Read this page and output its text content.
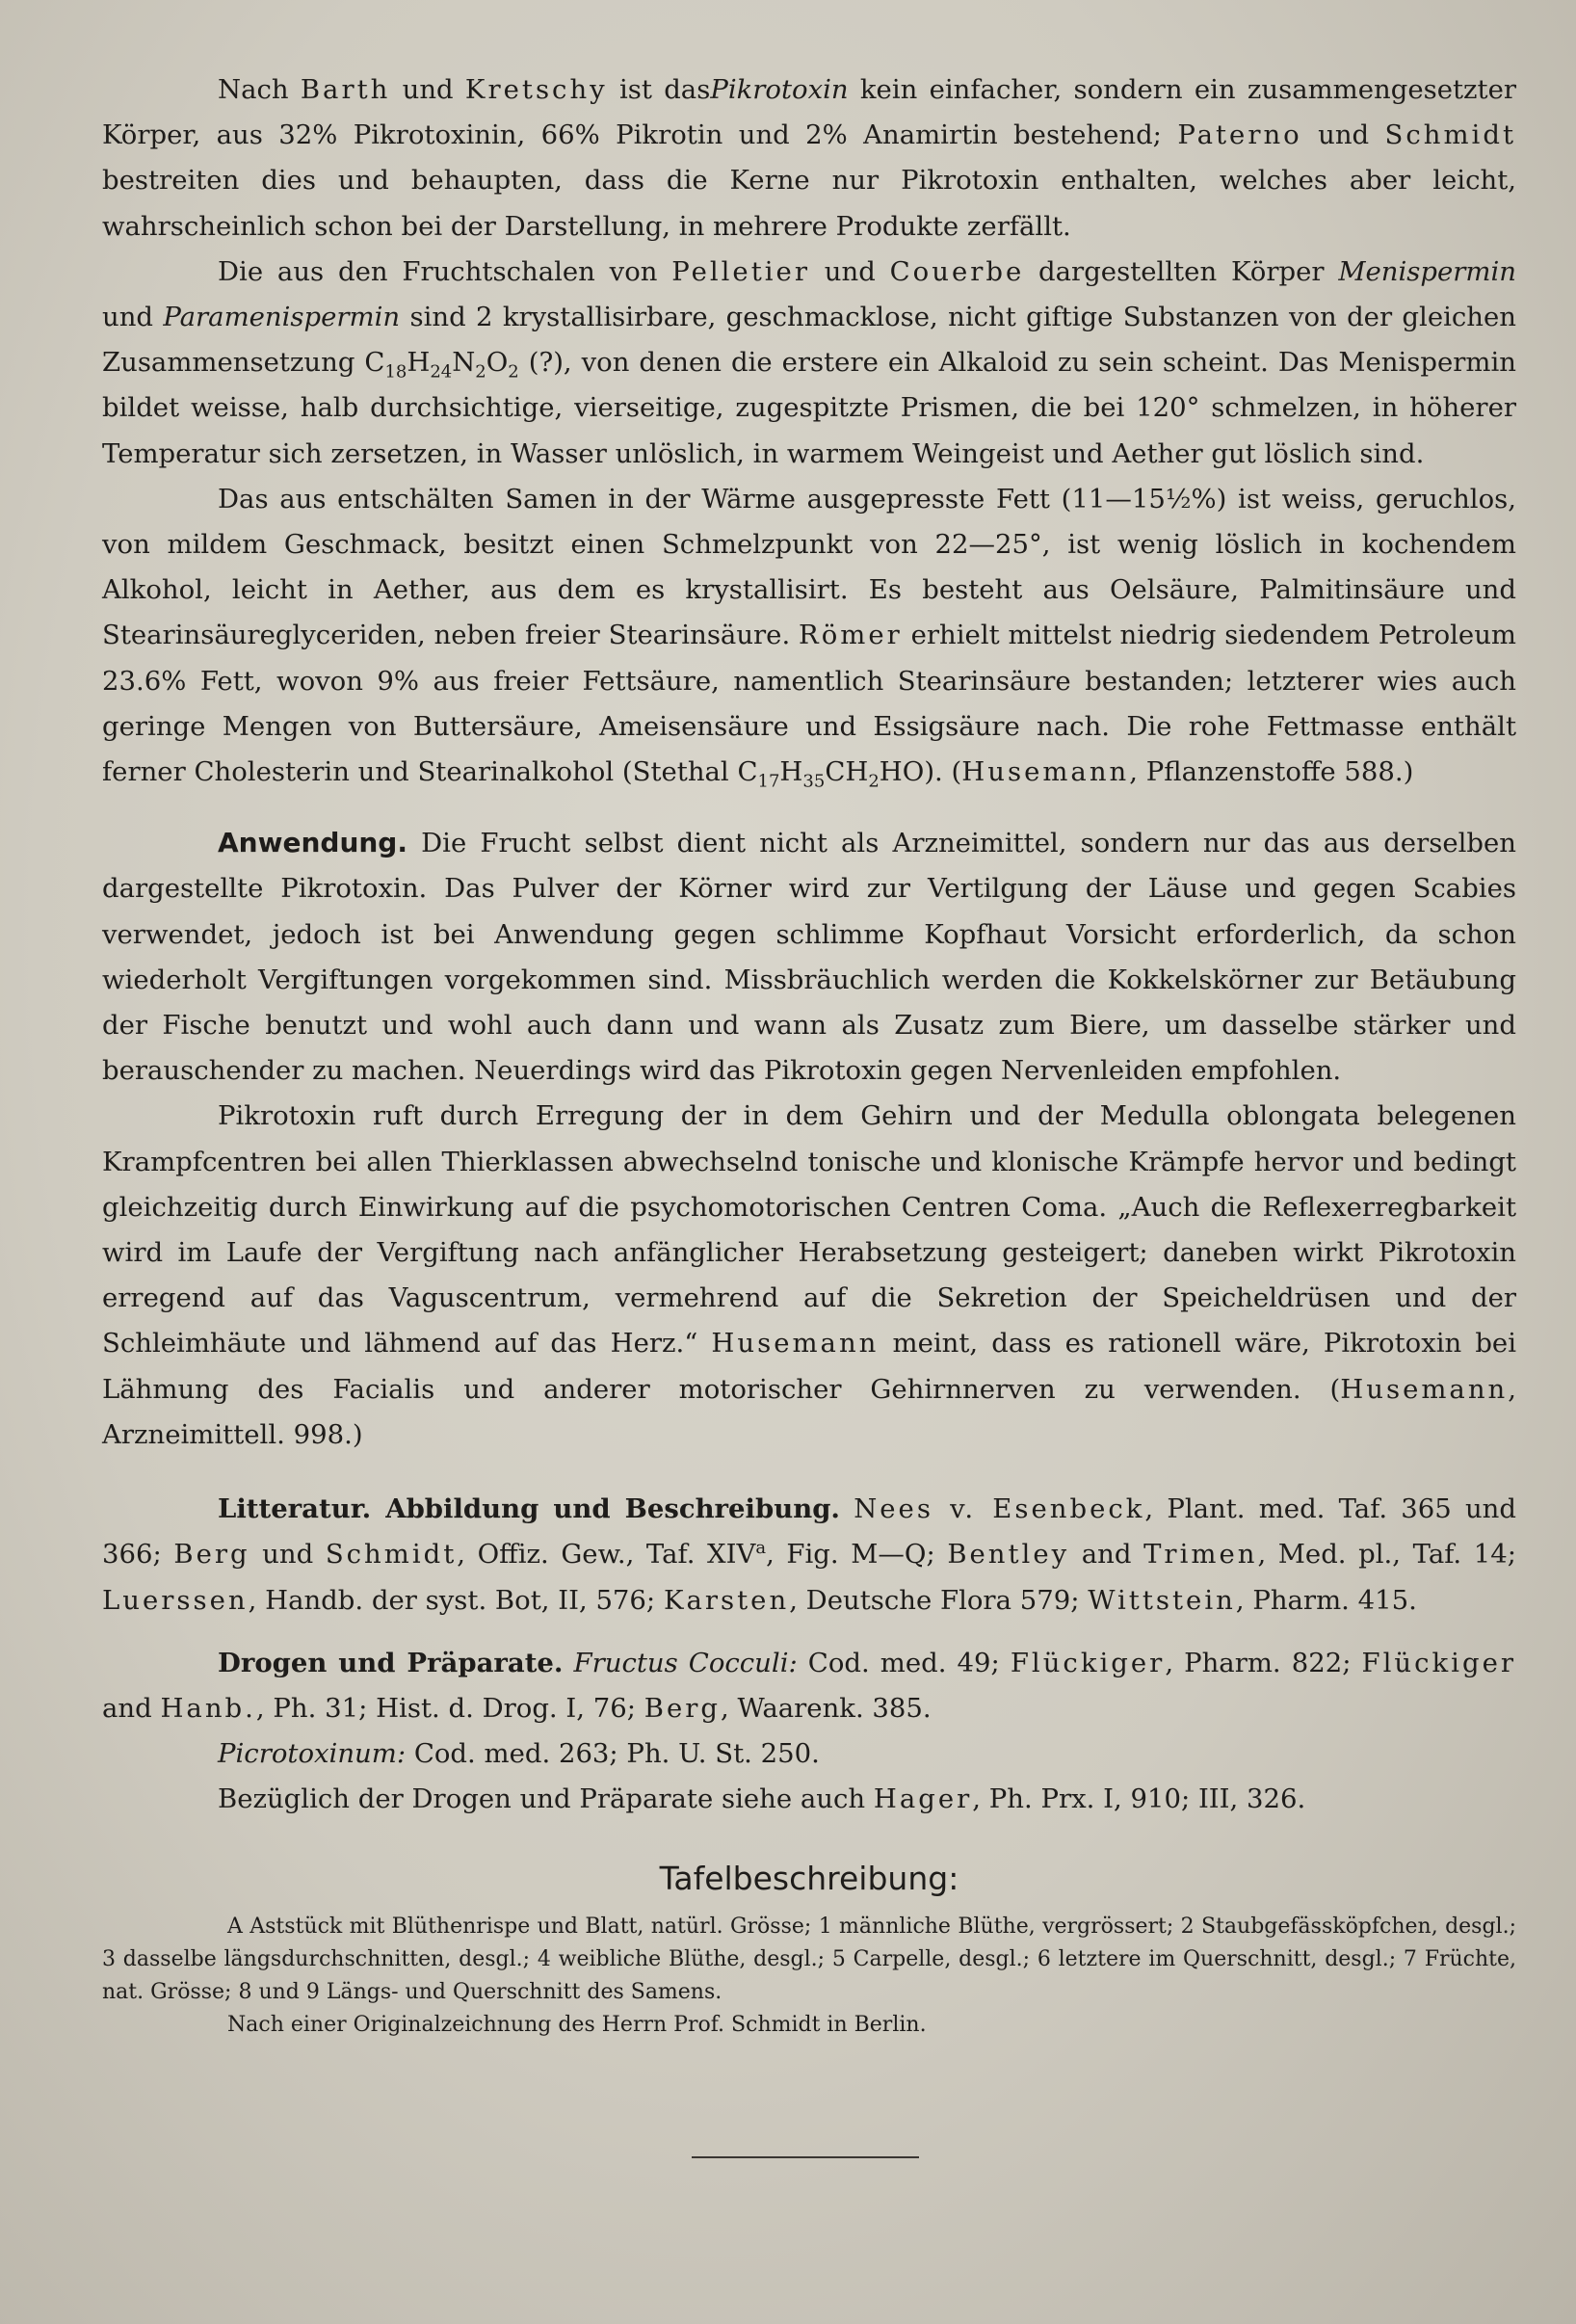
Nach Barth und Kretschy ist dasPikrotoxin kein einfacher, sondern ein zusammengesetzter Körper, aus 32% Pikrotoxinin, 66% Pikrotin und 2% Anamirtin bestehend; Paterno und Schmidt bestreiten dies und behaupten, dass die Kerne nur Pikrotoxin enthalten, welches aber leicht, wahrscheinlich schon bei der Darstellung, in mehrere Produkte zerfällt.

Die aus den Fruchtschalen von Pelletier und Couerbe dargestellten Körper Menispermin und Paramenispermin sind 2 krystallisirbare, geschmacklose, nicht giftige Substanzen von der gleichen Zusammensetzung $C_{18}H_{24}N_2O_2$ (?), von denen die erstere ein Alkaloid zu sein scheint. Das Menispermin bildet weisse, halb durchsichtige, vierseitige, zugespitzte Prismen, die bei 120° schmelzen, in höherer Temperatur sich zersetzen, in Wasser unlöslich, in warmem Weingeist und Aether gut löslich sind.

Das aus entschälten Samen in der Wärme ausgepresste Fett (11—15½%) ist weiss, geruchlos, von mildem Geschmack, besitzt einen Schmelzpunkt von 22—25°, ist wenig löslich in kochendem Alkohol, leicht in Aether, aus dem es krystallisirt. Es besteht aus Oelsäure, Palmitinsäure und Stearinsäureglyceriden, neben freier Stearinsäure. Römer erhielt mittelst niedrig siedendem Petroleum 23.6% Fett, wovon 9% aus freier Fettsäure, namentlich Stearinsäure bestanden; letzterer wies auch geringe Mengen von Buttersäure, Ameisensäure und Essigsäure nach. Die rohe Fettmasse enthält ferner Cholesterin und Stearinalkohol (Stethal $C_{17}H_{35}CH_2HO$). (Husemann, Pflanzenstoffe 588.)

Anwendung. Die Frucht selbst dient nicht als Arzneimittel, sondern nur das aus derselben dargestellte Pikrotoxin. Das Pulver der Körner wird zur Vertilgung der Läuse und gegen Scabies verwendet, jedoch ist bei Anwendung gegen schlimme Kopfhaut Vorsicht erforderlich, da schon wiederholt Vergiftungen vorgekommen sind. Missbräuchlich werden die Kokkelskörner zur Betäubung der Fische benutzt und wohl auch dann und wann als Zusatz zum Biere, um dasselbe stärker und berauschender zu machen. Neuerdings wird das Pikrotoxin gegen Nervenleiden empfohlen.

Pikrotoxin ruft durch Erregung der in dem Gehirn und der Medulla oblongata belegenen Krampfcentren bei allen Thierklassen abwechselnd tonische und klonische Krämpfe hervor und bedingt gleichzeitig durch Einwirkung auf die psychomotorischen Centren Coma. „Auch die Reflexerregbarkeit wird im Laufe der Vergiftung nach anfänglicher Herabsetzung gesteigert; daneben wirkt Pikrotoxin erregend auf das Vaguscentrum, vermehrend auf die Sekretion der Speicheldrüsen und der Schleimhäute und lähmend auf das Herz.“ Husemann meint, dass es rationell wäre, Pikrotoxin bei Lähmung des Facialis und anderer motorischer Gehirnnerven zu verwenden. (Husemann, Arzneimittell. 998.)

Litteratur. Abbildung und Beschreibung. Nees v. Esenbeck, Plant. med. Taf. 365 und 366; Berg und Schmidt, Offiz. Gew., Taf. XIV$^a$, Fig. M—Q; Bentley and Trimen, Med. pl., Taf. 14; Luerssen, Handb. der syst. Bot, II, 576; Karsten, Deutsche Flora 579; Wittstein, Pharm. 415.

Drogen und Präparate. Fructus Cocculi: Cod. med. 49; Flückiger, Pharm. 822; Flückiger and Hanb., Ph. 31; Hist. d. Drog. I, 76; Berg, Waarenk. 385.

Picrotoxinum: Cod. med. 263; Ph. U. St. 250.

Bezüglich der Drogen und Präparate siehe auch Hager, Ph. Prx. I, 910; III, 326.

Tafelbeschreibung:

A Aststück mit Blüthenrispe und Blatt, natürl. Grösse; 1 männliche Blüthe, vergrössert; 2 Staubgefässköpfchen, desgl.; 3 dasselbe längsdurchschnitten, desgl.; 4 weibliche Blüthe, desgl.; 5 Carpelle, desgl.; 6 letztere im Querschnitt, desgl.; 7 Früchte, nat. Grösse; 8 und 9 Längs- und Querschnitt des Samens.

Nach einer Originalzeichnung des Herrn Prof. Schmidt in Berlin.
